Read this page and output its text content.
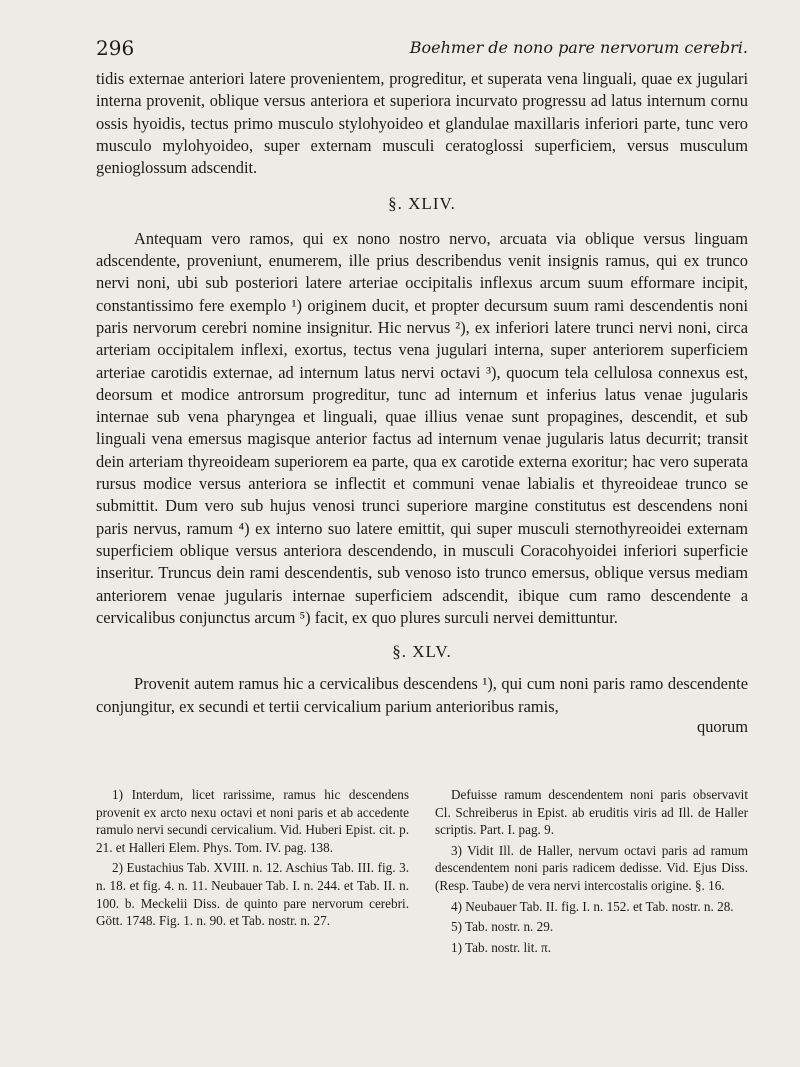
296	Boehmer de nono pare nervorum cerebri.

tidis externae anteriori latere provenientem, progreditur, et superata vena linguali, quae ex jugulari interna provenit, oblique versus anteriora et superiora incurvato progressu ad latus internum cornu ossis hyoidis, tectus primo musculo stylohyoideo et glandulae maxillaris inferiori parte, tunc vero musculo mylohyoideo, super externam musculi ceratoglossi superficiem, versus musculum genioglossum adscendit.

§. XLIV.

Antequam vero ramos, qui ex nono nostro nervo, arcuata via oblique versus linguam adscendente, proveniunt, enumerem, ille prius describendus venit insignis ramus, qui ex trunco nervi noni, ubi sub posteriori latere arteriae occipitalis inflexus arcum suum efformare incipit, constantissimo fere exemplo ¹) originem ducit, et propter decursum suum rami descendentis noni paris nervorum cerebri nomine insignitur. Hic nervus ²), ex inferiori latere trunci nervi noni, circa arteriam occipitalem inflexi, exortus, tectus vena jugulari interna, super anteriorem superficiem arteriae carotidis externae, ad internum latus nervi octavi ³), quocum tela cellulosa connexus est, deorsum et modice antrorsum progreditur, tunc ad internum et inferius latus venae jugularis internae sub vena pharyngea et linguali, quae illius venae sunt propagines, descendit, et sub linguali vena emersus magisque anterior factus ad internum venae jugularis latus decurrit; transit dein arteriam thyreoideam superiorem ea parte, qua ex carotide externa exoritur; hac vero superata rursus modice versus anteriora se inflectit et communi venae labialis et thyreoideae trunco se submittit. Dum vero sub hujus venosi trunci superiore margine constitutus est descendens noni paris nervus, ramum ⁴) ex interno suo latere emittit, qui super musculi sternothyreoidei externam superficiem oblique versus anteriora descendendo, in musculi Coracohyoidei inferiori superficie inseritur. Truncus dein rami descendentis, sub venoso isto trunco emersus, oblique versus mediam anteriorem venae jugularis internae superficiem adscendit, ibique cum ramo descendente a cervicalibus conjunctus arcum ⁵) facit, ex quo plures surculi nervei demittuntur.

§. XLV.

Provenit autem ramus hic a cervicalibus descendens ¹), qui cum noni paris ramo descendente conjungitur, ex secundi et tertii cervicalium parium anterioribus ramis,

quorum

1) Interdum, licet rarissime, ramus hic descendens provenit ex arcto nexu octavi et noni paris et ab accedente ramulo nervi secundi cervicalium. Vid. Huberi Epist. cit. p. 21. et Halleri Elem. Phys. Tom. IV. pag. 138.

2) Eustachius Tab. XVIII. n. 12. Aschius Tab. III. fig. 3. n. 18. et fig. 4. n. 11. Neubauer Tab. I. n. 244. et Tab. II. n. 100. b. Meckelii Diss. de quinto pare nervorum cerebri. Gött. 1748. Fig. 1. n. 90. et Tab. nostr. n. 27.

Defuisse ramum descendentem noni paris observavit Cl. Schreiberus in Epist. ab eruditis viris ad Ill. de Haller scriptis. Part. I. pag. 9.

3) Vidit Ill. de Haller, nervum octavi paris ad ramum descendentem noni paris radicem dedisse. Vid. Ejus Diss. (Resp. Taube) de vera nervi intercostalis origine. §. 16.

4) Neubauer Tab. II. fig. I. n. 152. et Tab. nostr. n. 28.

5) Tab. nostr. n. 29.

1) Tab. nostr. lit. π.
